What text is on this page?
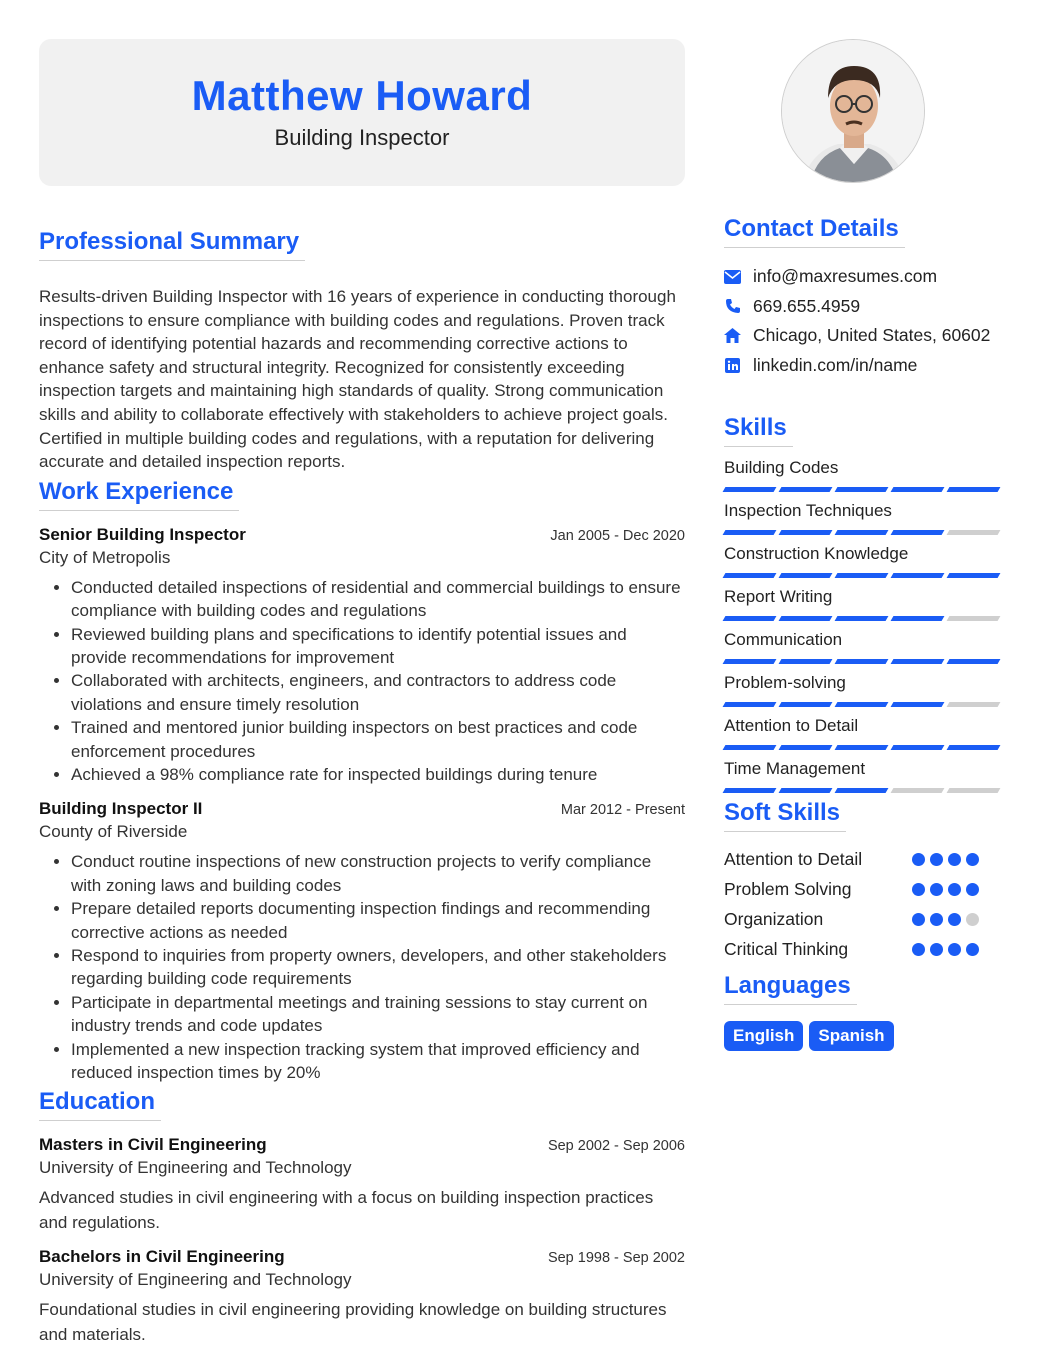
Matthew Howard
Building Inspector
Professional Summary

Results-driven Building Inspector with 16 years of experience in conducting thorough inspections to ensure compliance with building codes and regulations. Proven track record of identifying potential hazards and recommending corrective actions to enhance safety and structural integrity. Recognized for consistently exceeding inspection targets and maintaining high standards of quality. Strong communication skills and ability to collaborate effectively with stakeholders to achieve project goals. Certified in multiple building codes and regulations, with a reputation for delivering accurate and detailed inspection reports.

Work Experience
Senior Building Inspector	Jan 2005 - Dec 2020
City of Metropolis
• Conducted detailed inspections of residential and commercial buildings to ensure compliance with building codes and regulations
• Reviewed building plans and specifications to identify potential issues and provide recommendations for improvement
• Collaborated with architects, engineers, and contractors to address code violations and ensure timely resolution
• Trained and mentored junior building inspectors on best practices and code enforcement procedures
• Achieved a 98% compliance rate for inspected buildings during tenure
Building Inspector II	Mar 2012 - Present
County of Riverside
• Conduct routine inspections of new construction projects to verify compliance with zoning laws and building codes
• Prepare detailed reports documenting inspection findings and recommending corrective actions as needed
• Respond to inquiries from property owners, developers, and other stakeholders regarding building code requirements
• Participate in departmental meetings and training sessions to stay current on industry trends and code updates
• Implemented a new inspection tracking system that improved efficiency and reduced inspection times by 20%
Education
Masters in Civil Engineering	Sep 2002 - Sep 2006
University of Engineering and Technology

Advanced studies in civil engineering with a focus on building inspection practices and regulations.

Bachelors in Civil Engineering	Sep 1998 - Sep 2002
University of Engineering and Technology

Foundational studies in civil engineering providing knowledge on building structures and materials.

Contact Details
info@maxresumes.com
669.655.4959
Chicago, United States, 60602
linkedin.com/in/name
Skills
Building Codes
Inspection Techniques
Construction Knowledge
Report Writing
Communication
Problem-solving
Attention to Detail
Time Management
Soft Skills
Attention to Detail
Problem Solving
Organization
Critical Thinking
Languages
English	Spanish
